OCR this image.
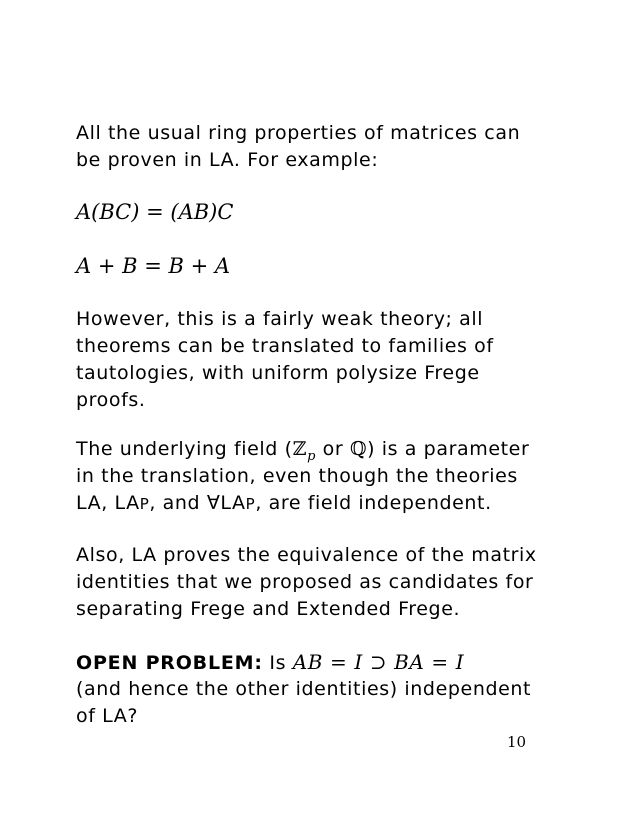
All the usual ring properties of matrices can

be proven in LA. For example:

A(BC) = (AB)C

A + B = B + A

However, this is a fairly weak theory; all

theorems can be translated to families of

tautologies, with uniform polysize Frege

proofs.

The underlying field (ℤ$_p$ or ℚ) is a parameter

in the translation, even though the theories

LA, LAP, and ∀LAP, are field independent.

Also, LA proves the equivalence of the matrix

identities that we proposed as candidates for

separating Frege and Extended Frege.

OPEN PROBLEM: Is AB = I ⊃ BA = I

(and hence the other identities) independent

of LA?

10
